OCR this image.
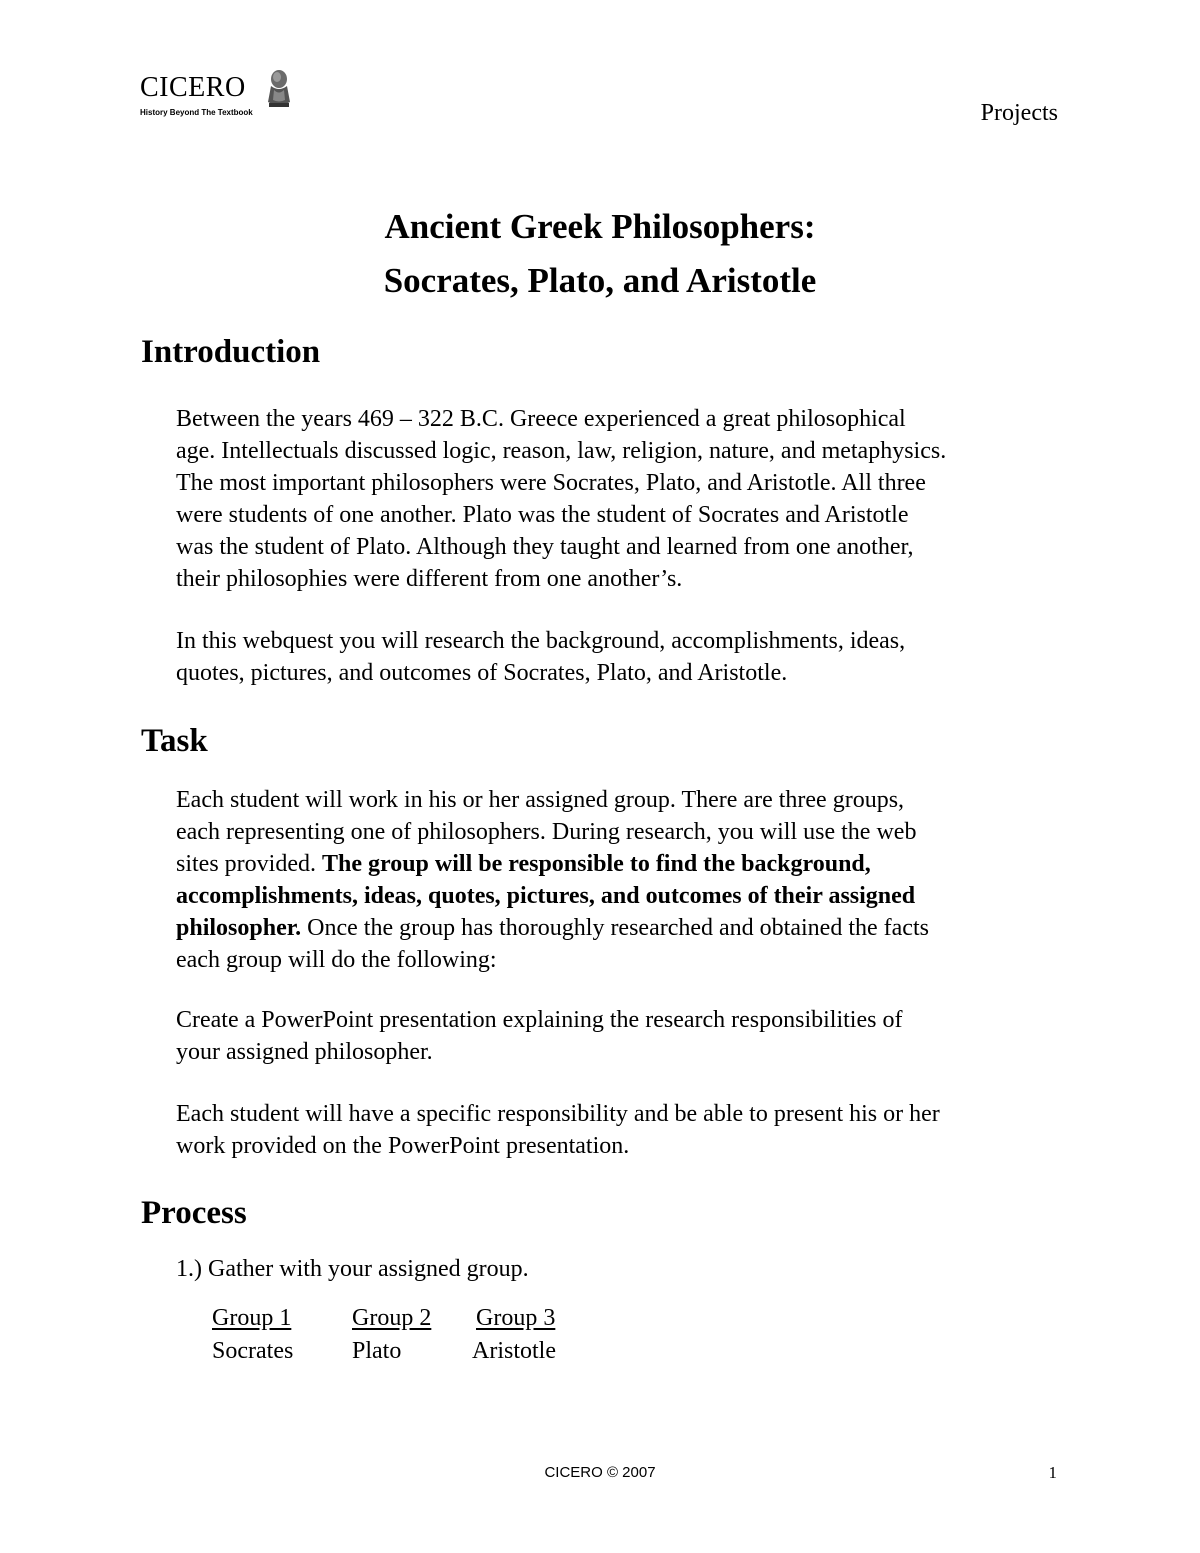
CICERO
History Beyond The Textbook	Projects
Ancient Greek Philosophers:
Socrates, Plato, and Aristotle
Introduction
Between the years 469 – 322 B.C. Greece experienced a great philosophical
age. Intellectuals discussed logic, reason, law, religion, nature, and metaphysics.
The most important philosophers were Socrates, Plato, and Aristotle. All three
were students of one another. Plato was the student of Socrates and Aristotle
was the student of Plato. Although they taught and learned from one another,
their philosophies were different from one another’s.
In this webquest you will research the background, accomplishments, ideas,
quotes, pictures, and outcomes of Socrates, Plato, and Aristotle.
Task
Each student will work in his or her assigned group. There are three groups,
each representing one of philosophers. During research, you will use the web
sites provided. The group will be responsible to find the background,
accomplishments, ideas, quotes, pictures, and outcomes of their assigned
philosopher. Once the group has thoroughly researched and obtained the facts
each group will do the following:
Create a PowerPoint presentation explaining the research responsibilities of
your assigned philosopher.
Each student will have a specific responsibility and be able to present his or her
work provided on the PowerPoint presentation.
Process
1.) Gather with your assigned group.
Group 1
Socrates
Group 2
Plato
Group 3
Aristotle
CICERO © 2007	1
